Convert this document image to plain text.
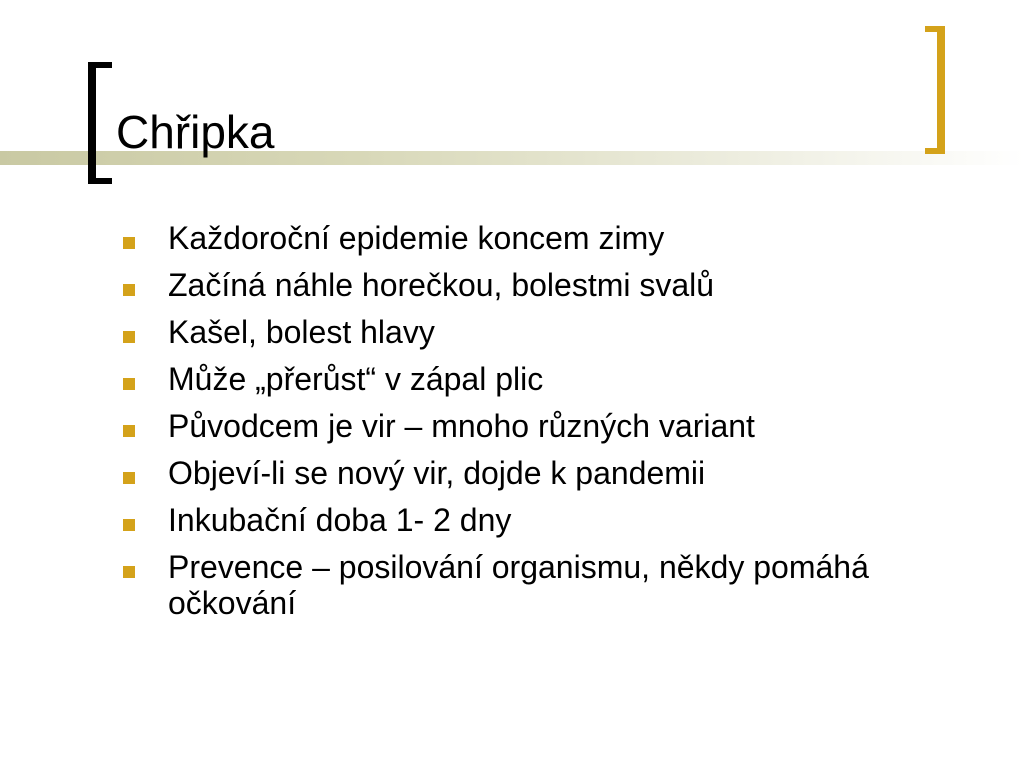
Chřipka
Každoroční epidemie koncem zimy
Začíná náhle horečkou, bolestmi svalů
Kašel, bolest hlavy
Může „přerůst“ v zápal plic
Původcem je vir – mnoho různých variant
Objeví-li se nový vir, dojde k pandemii
Inkubační doba 1- 2 dny
Prevence – posilování organismu, někdy pomáhá očkování
